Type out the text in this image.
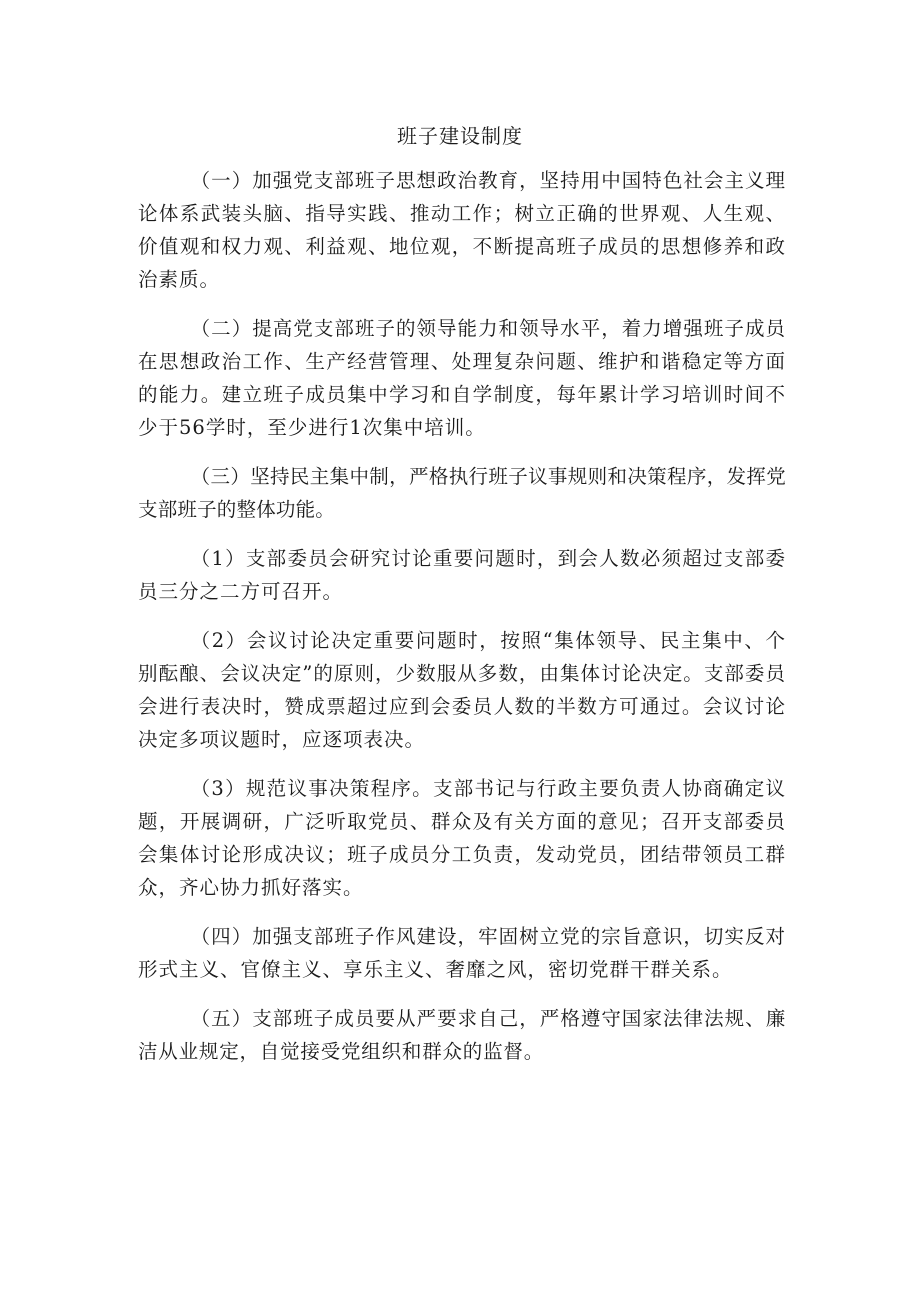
班子建设制度

（一）加强党支部班子思想政治教育，坚持用中国特色社会主义理论体系武装头脑、指导实践、推动工作；树立正确的世界观、人生观、价值观和权力观、利益观、地位观，不断提高班子成员的思想修养和政治素质。

（二）提高党支部班子的领导能力和领导水平，着力增强班子成员在思想政治工作、生产经营管理、处理复杂问题、维护和谐稳定等方面的能力。建立班子成员集中学习和自学制度，每年累计学习培训时间不少于56学时，至少进行1次集中培训。

（三）坚持民主集中制，严格执行班子议事规则和决策程序，发挥党支部班子的整体功能。

（1）支部委员会研究讨论重要问题时，到会人数必须超过支部委员三分之二方可召开。

（2）会议讨论决定重要问题时，按照“集体领导、民主集中、个别酝酿、会议决定”的原则，少数服从多数，由集体讨论决定。支部委员会进行表决时，赞成票超过应到会委员人数的半数方可通过。会议讨论决定多项议题时，应逐项表决。

（3）规范议事决策程序。支部书记与行政主要负责人协商确定议题，开展调研，广泛听取党员、群众及有关方面的意见；召开支部委员会集体讨论形成决议；班子成员分工负责，发动党员，团结带领员工群众，齐心协力抓好落实。

（四）加强支部班子作风建设，牢固树立党的宗旨意识，切实反对形式主义、官僚主义、享乐主义、奢靡之风，密切党群干群关系。

（五）支部班子成员要从严要求自己，严格遵守国家法律法规、廉洁从业规定，自觉接受党组织和群众的监督。
